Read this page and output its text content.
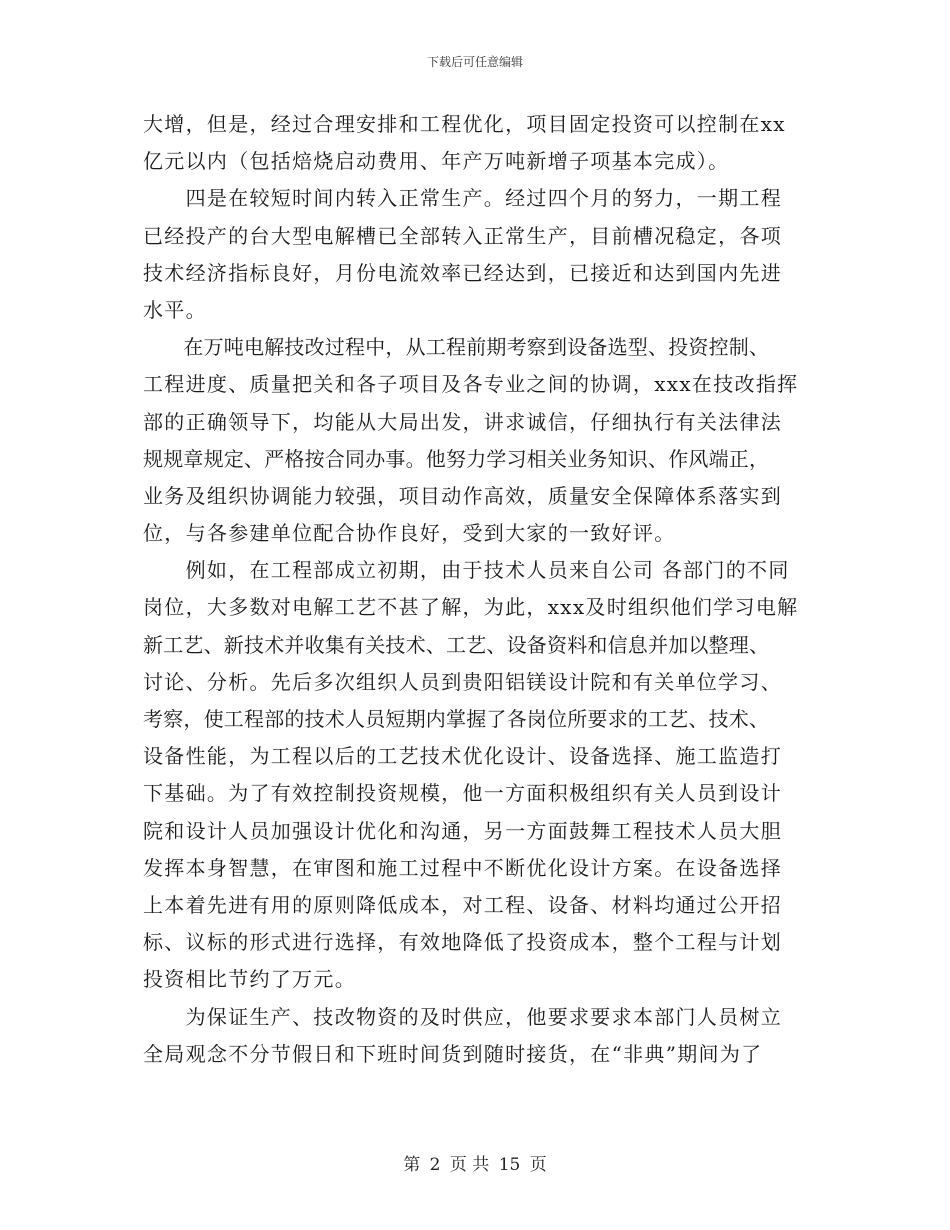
下载后可任意编辑
大增，但是，经过合理安排和工程优化，项目固定投资可以控制在xx
亿元以内（包括焙烧启动费用、年产万吨新增子项基本完成）。
　　四是在较短时间内转入正常生产。经过四个月的努力，一期工程
已经投产的台大型电解槽已全部转入正常生产，目前槽况稳定，各项
技术经济指标良好，月份电流效率已经达到，已接近和达到国内先进
水平。
　　在万吨电解技改过程中，从工程前期考察到设备选型、投资控制、
工程进度、质量把关和各子项目及各专业之间的协调，xxx在技改指挥
部的正确领导下，均能从大局出发，讲求诚信，仔细执行有关法律法
规规章规定、严格按合同办事。他努力学习相关业务知识、作风端正，
业务及组织协调能力较强，项目动作高效，质量安全保障体系落实到
位，与各参建单位配合协作良好，受到大家的一致好评。
　　例如，在工程部成立初期，由于技术人员来自公司 各部门的不同
岗位，大多数对电解工艺不甚了解，为此，xxx及时组织他们学习电解
新工艺、新技术并收集有关技术、工艺、设备资料和信息并加以整理、
讨论、分析。先后多次组织人员到贵阳铝镁设计院和有关单位学习、
考察，使工程部的技术人员短期内掌握了各岗位所要求的工艺、技术、
设备性能，为工程以后的工艺技术优化设计、设备选择、施工监造打
下基础。为了有效控制投资规模，他一方面积极组织有关人员到设计
院和设计人员加强设计优化和沟通，另一方面鼓舞工程技术人员大胆
发挥本身智慧，在审图和施工过程中不断优化设计方案。在设备选择
上本着先进有用的原则降低成本，对工程、设备、材料均通过公开招
标、议标的形式进行选择，有效地降低了投资成本，整个工程与计划
投资相比节约了万元。
　　为保证生产、技改物资的及时供应，他要求要求本部门人员树立
全局观念不分节假日和下班时间货到随时接货，在“非典”期间为了
第 2 页 共 15 页
